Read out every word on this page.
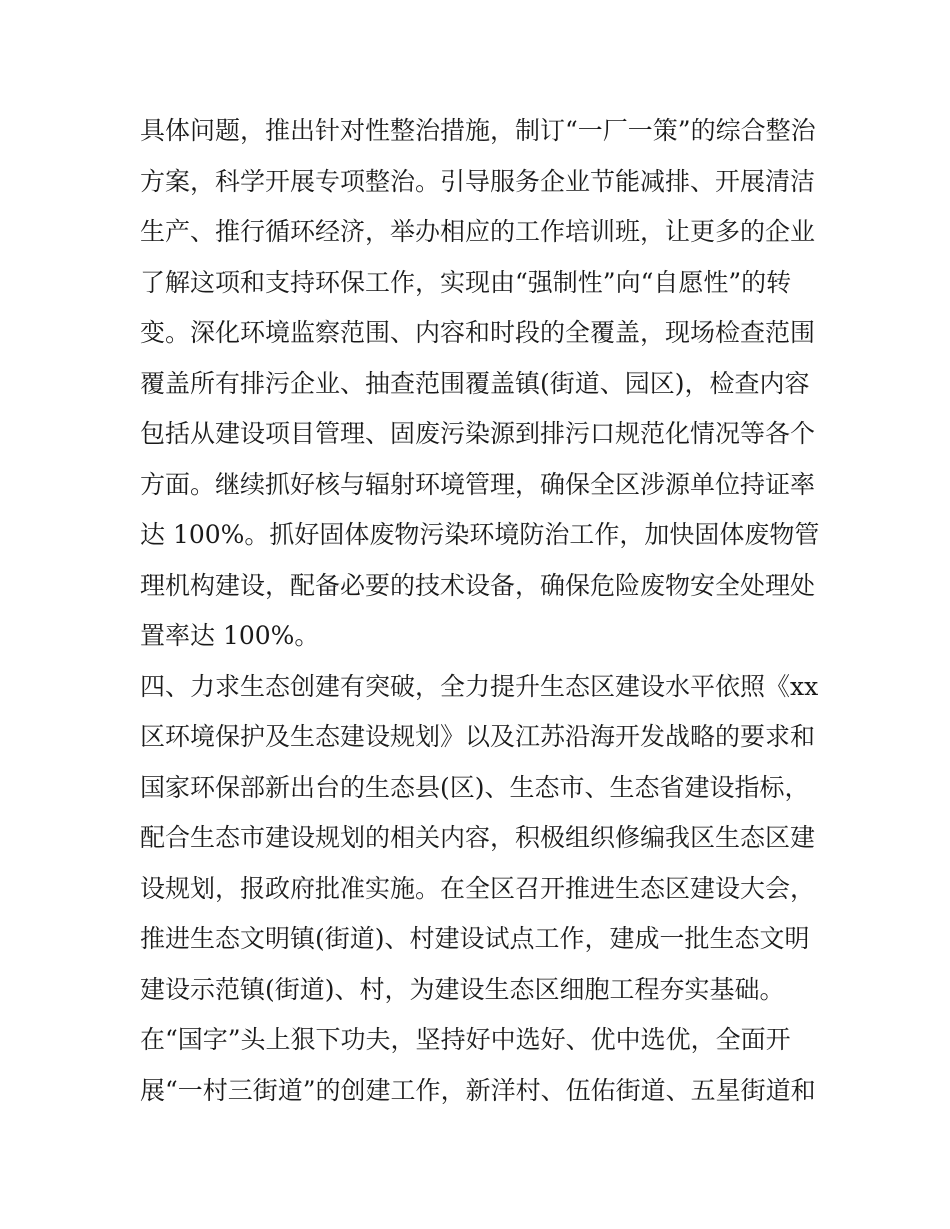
具体问题，推出针对性整治措施，制订“一厂一策”的综合整治
方案，科学开展专项整治。引导服务企业节能减排、开展清洁
生产、推行循环经济，举办相应的工作培训班，让更多的企业
了解这项和支持环保工作，实现由“强制性”向“自愿性”的转
变。深化环境监察范围、内容和时段的全覆盖，现场检查范围
覆盖所有排污企业、抽查范围覆盖镇(街道、园区)，检查内容
包括从建设项目管理、固废污染源到排污口规范化情况等各个
方面。继续抓好核与辐射环境管理，确保全区涉源单位持证率
达 100%。抓好固体废物污染环境防治工作，加快固体废物管
理机构建设，配备必要的技术设备，确保危险废物安全处理处
置率达 100%。
四、力求生态创建有突破，全力提升生态区建设水平依照《xx
区环境保护及生态建设规划》以及江苏沿海开发战略的要求和
国家环保部新出台的生态县(区)、生态市、生态省建设指标，
配合生态市建设规划的相关内容，积极组织修编我区生态区建
设规划，报政府批准实施。在全区召开推进生态区建设大会，
推进生态文明镇(街道)、村建设试点工作，建成一批生态文明
建设示范镇(街道)、村，为建设生态区细胞工程夯实基础。
在“国字”头上狠下功夫，坚持好中选好、优中选优，全面开
展“一村三街道”的创建工作，新洋村、伍佑街道、五星街道和
